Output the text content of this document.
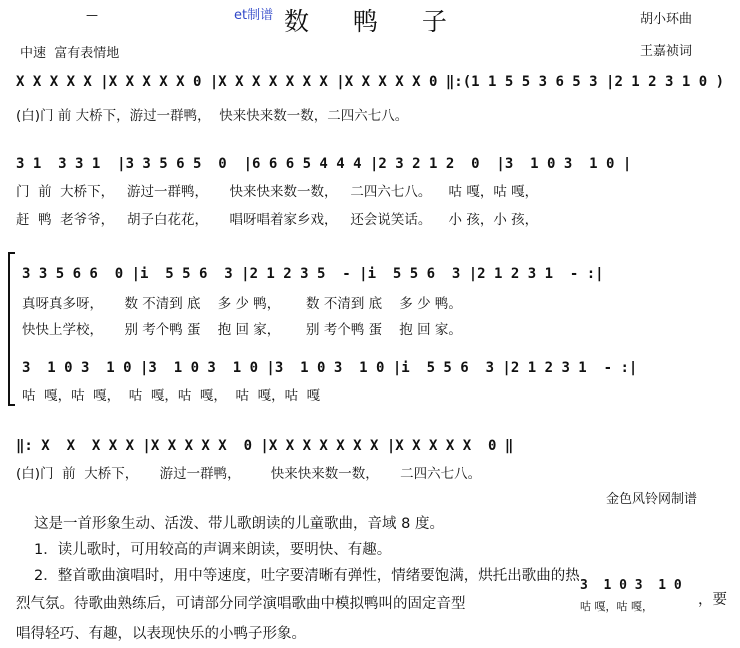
—	et制谱 数 鸭 子	胡小环曲
王嘉祯词
中速  富有表情地
X X X X X |X X X X X 0 |X X X X X X X |X X X X X 0 ‖:(1 1 5 5 3 6 5 3 |2 1 2 3 1 0 )
(白)门 前 大桥下，游过一群鸭，  快来快来数一数，二四六七八。
3 1  3 3 1  |3 3 5 6 5  0  |6 6 6 5 4 4 4 |2 3 2 1 2  0  |3  1 0 3  1 0 |
门  前  大桥下，   游过一群鸭，     快来快来数一数，   二四六七八。    咕 嘎，咕 嘎，
赶  鸭  老爷爷，   胡子白花花，     唱呀唱着家乡戏，   还会说笑话。    小 孩，小 孩，
3 3 5 6 6  0 |i  5 5 6  3 |2 1 2 3 5  - |i  5 5 6  3 |2 1 2 3 1  - :|
真呀真多呀，     数 不清到 底    多 少 鸭，      数 不清到 底    多 少 鸭。
快快上学校，     别 考个鸭 蛋    抱 回 家，      别 考个鸭 蛋    抱 回 家。
3  1 0 3  1 0 |3  1 0 3  1 0 |3  1 0 3  1 0 |i  5 5 6  3 |2 1 2 3 1  - :|
咕  嘎，咕  嘎，  咕  嘎，咕  嘎，  咕  嘎，咕  嘎
‖: X  X  X X X |X X X X X  0 |X X X X X X X |X X X X X  0 ‖
(白)门  前  大桥下，     游过一群鸭，       快来快来数一数，     二四六七八。
金色风铃网制谱
这是一首形象生动、活泼、带儿歌朗读的儿童歌曲，音域 8 度。
1．读儿歌时，可用较高的声调来朗读，要明快、有趣。
2．整首歌曲演唱时，用中等速度，吐字要清晰有弹性，情绪要饱满，烘托出歌曲的热
烈气氛。待歌曲熟练后，可请部分同学演唱歌曲中模拟鸭叫的固定音型
3  1 0 3  1 0
咕 嘎，咕 嘎，	，要
唱得轻巧、有趣，以表现快乐的小鸭子形象。
